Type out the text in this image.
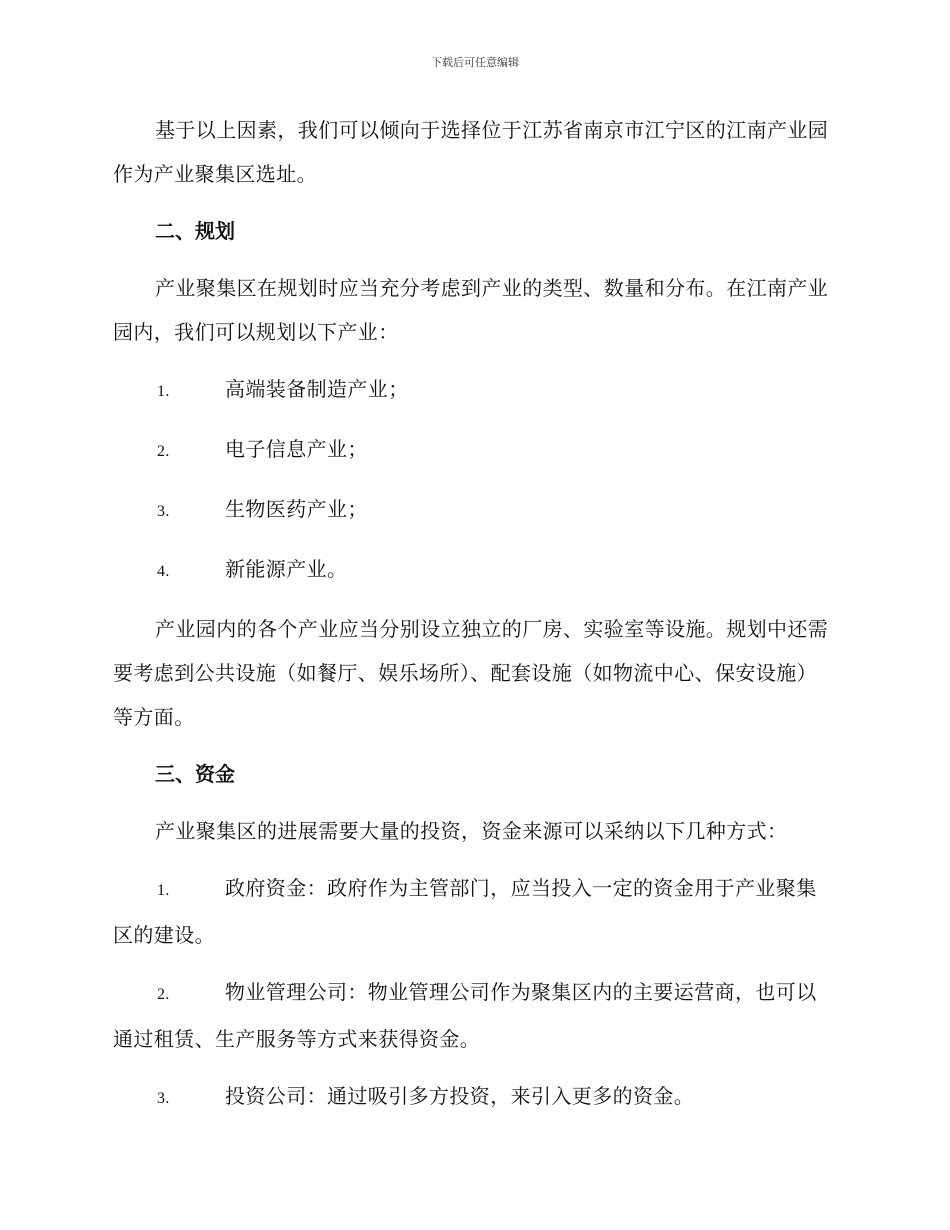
下载后可任意编辑

基于以上因素，我们可以倾向于选择位于江苏省南京市江宁区的江南产业园作为产业聚集区选址。

二、规划

产业聚集区在规划时应当充分考虑到产业的类型、数量和分布。在江南产业园内，我们可以规划以下产业：

1.	高端装备制造产业；
2.	电子信息产业；
3.	生物医药产业；
4.	新能源产业。

产业园内的各个产业应当分别设立独立的厂房、实验室等设施。规划中还需要考虑到公共设施（如餐厅、娱乐场所）、配套设施（如物流中心、保安设施）等方面。

三、资金

产业聚集区的进展需要大量的投资，资金来源可以采纳以下几种方式：

1.	政府资金：政府作为主管部门，应当投入一定的资金用于产业聚集区的建设。
2.	物业管理公司：物业管理公司作为聚集区内的主要运营商，也可以通过租赁、生产服务等方式来获得资金。
3.	投资公司：通过吸引多方投资，来引入更多的资金。
